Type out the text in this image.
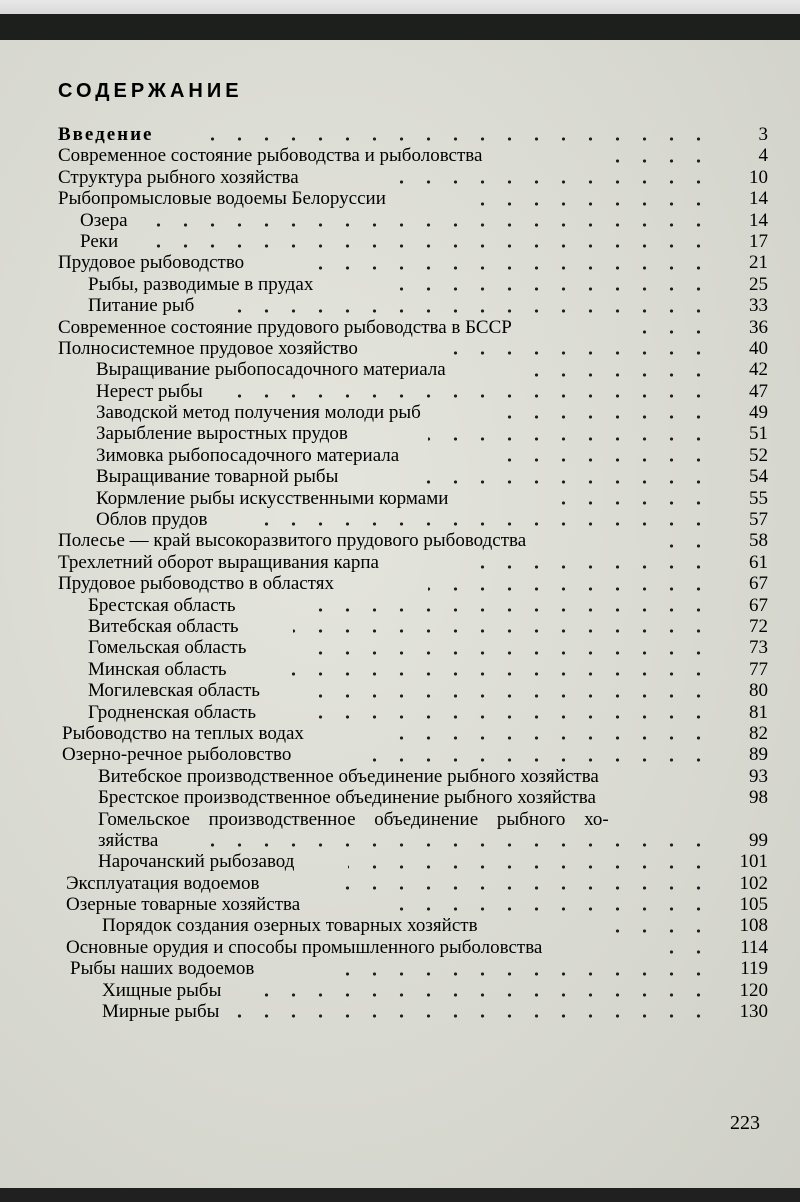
СОДЕРЖАНИЕ
Введение	3
Современное состояние рыбоводства и рыболовства	4
Структура рыбного хозяйства	10
Рыбопромысловые водоемы Белоруссии	14
Озера	14
Реки	17
Прудовое рыбоводство	21
Рыбы, разводимые в прудах	25
Питание рыб	33
Современное состояние прудового рыбоводства в БССР	36
Полносистемное прудовое хозяйство	40
Выращивание рыбопосадочного материала	42
Нерест рыбы	47
Заводской метод получения молоди рыб	49
Зарыбление выростных прудов	51
Зимовка рыбопосадочного материала	52
Выращивание товарной рыбы	54
Кормление рыбы искусственными кормами	55
Облов прудов	57
Полесье — край высокоразвитого прудового рыбоводства	58
Трехлетний оборот выращивания карпа	61
Прудовое рыбоводство в областях	67
Брестская область	67
Витебская область	72
Гомельская область	73
Минская область	77
Могилевская область	80
Гродненская область	81
Рыбоводство на теплых водах	82
Озерно-речное рыболовство	89
Витебское производственное объединение рыбного хозяйства	93
Брестское производственное объединение рыбного хозяйства	98
Гомельское производственное объединение рыбного хо-
зяйства	99
Нарочанский рыбозавод	101
Эксплуатация водоемов	102
Озерные товарные хозяйства	105
Порядок создания озерных товарных хозяйств	108
Основные орудия и способы промышленного рыболовства	114
Рыбы наших водоемов	119
Хищные рыбы	120
Мирные рыбы	130
223
